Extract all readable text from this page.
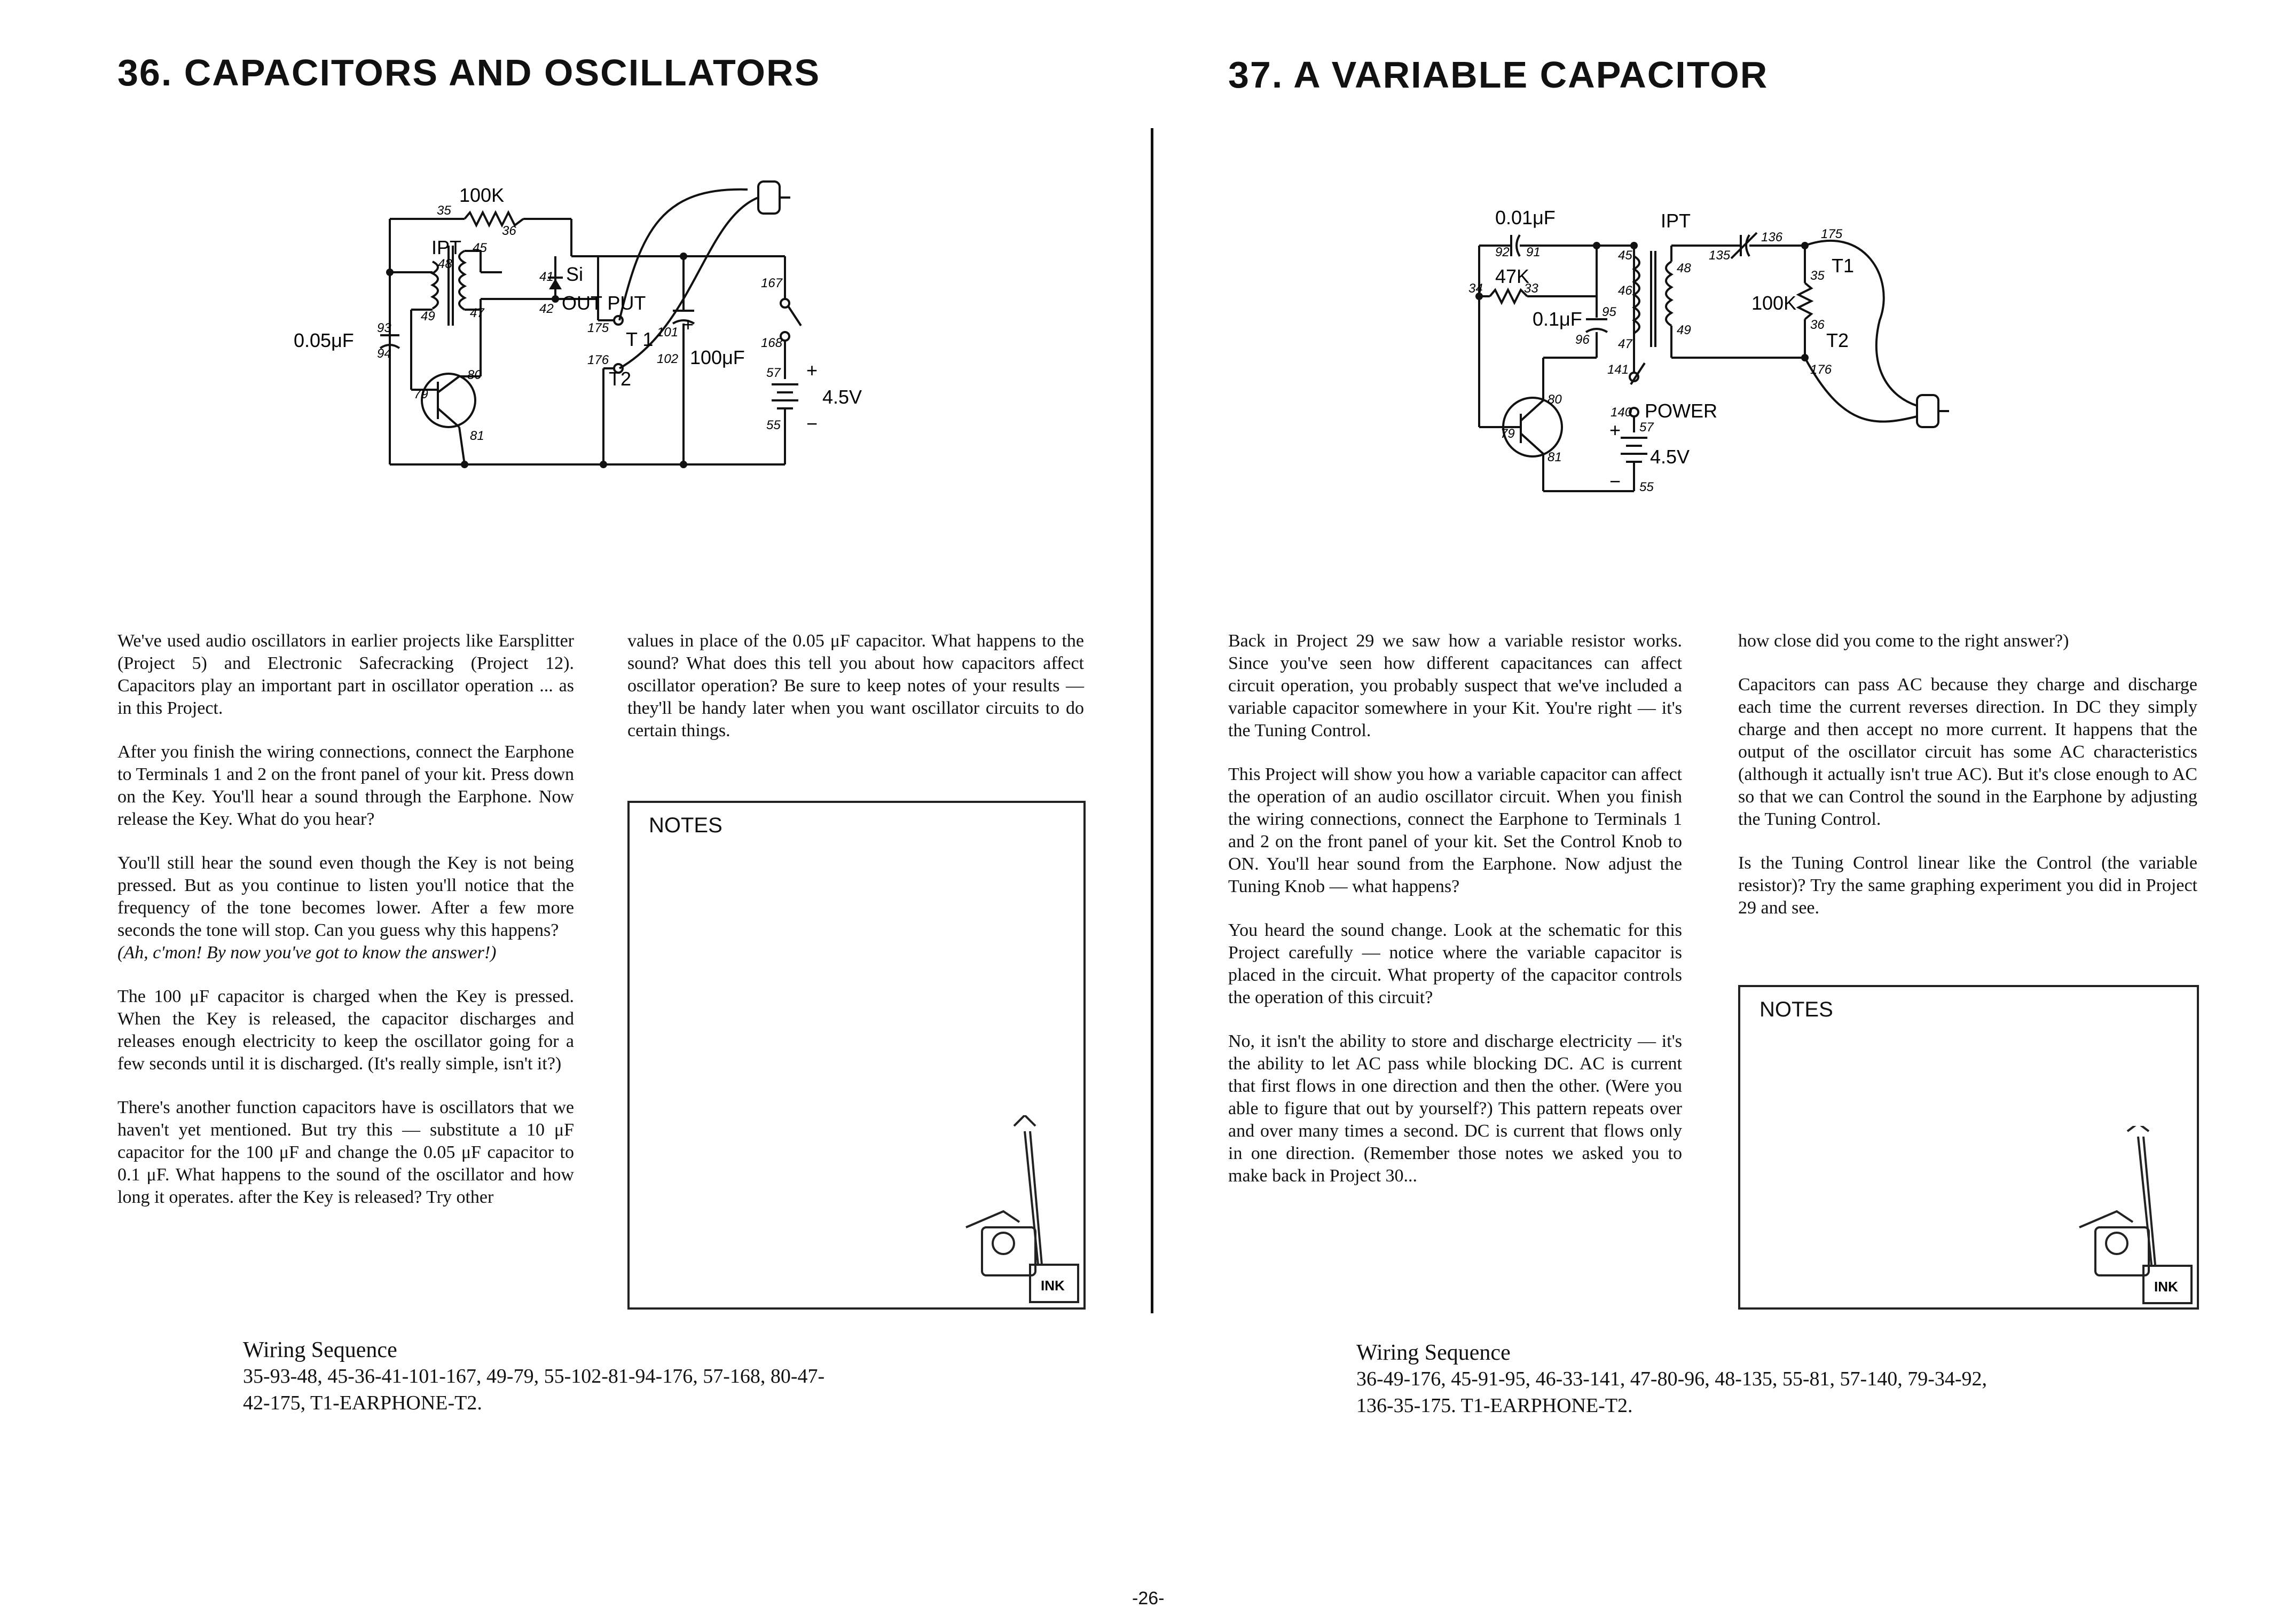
36. CAPACITORS AND OSCILLATORS
100K
35
36
IPT
48
45
41
42
Si
OUT PUT
49	47
0.05μF
93
94
175
T 1
176
T2
101 +
102 100μF
167
168
57
55
+
−
4.5V
80
79
81

We've used audio oscillators in earlier projects like Earsplitter (Project 5) and Electronic Safecracking (Project 12). Capacitors play an important part in oscillator operation ... as in this Project.

After you finish the wiring connections, connect the Earphone to Terminals 1 and 2 on the front panel of your kit. Press down on the Key. You'll hear a sound through the Earphone. Now release the Key. What do you hear?

You'll still hear the sound even though the Key is not being pressed. But as you continue to listen you'll notice that the frequency of the tone becomes lower. After a few more seconds the tone will stop. Can you guess why this happens?

(Ah, c'mon! By now you've got to know the answer!)

The 100 μF capacitor is charged when the Key is pressed. When the Key is released, the capacitor discharges and releases enough electricity to keep the oscillator going for a few seconds until it is discharged. (It's really simple, isn't it?)

There's another function capacitors have is oscillators that we haven't yet mentioned. But try this — substitute a 10 μF capacitor for the 100 μF and change the 0.05 μF capacitor to 0.1 μF. What happens to the sound of the oscillator and how long it operates. after the Key is released? Try other

values in place of the 0.05 μF capacitor. What happens to the sound? What does this tell you about how capacitors affect oscillator operation? Be sure to keep notes of your results — they'll be handy later when you want oscillator circuits to do certain things.

NOTES
INK
Wiring Sequence
35-93-48, 45-36-41-101-167, 49-79, 55-102-81-94-176, 57-168, 80-47-
42-175, T1-EARPHONE-T2.
37. A VARIABLE CAPACITOR
0.01μF
92 91
IPT
47K
34	33
0.1μF 95
96
45
46
47
48
49
135
136	175
T1
35
100K
36
T2
176
141
140 POWER
+ 57
4.5V
− 55
80
79
81

Back in Project 29 we saw how a variable resistor works. Since you've seen how different capacitances can affect circuit operation, you probably suspect that we've included a variable capacitor somewhere in your Kit. You're right — it's the Tuning Control.

This Project will show you how a variable capacitor can affect the operation of an audio oscillator circuit. When you finish the wiring connections, connect the Earphone to Terminals 1 and 2 on the front panel of your kit. Set the Control Knob to ON. You'll hear sound from the Earphone. Now adjust the Tuning Knob — what happens?

You heard the sound change. Look at the schematic for this Project carefully — notice where the variable capacitor is placed in the circuit. What property of the capacitor controls the operation of this circuit?

No, it isn't the ability to store and discharge electricity — it's the ability to let AC pass while blocking DC. AC is current that first flows in one direction and then the other. (Were you able to figure that out by yourself?) This pattern repeats over and over many times a second. DC is current that flows only in one direction. (Remember those notes we asked you to make back in Project 30...

how close did you come to the right answer?)

Capacitors can pass AC because they charge and discharge each time the current reverses direction. In DC they simply charge and then accept no more current. It happens that the output of the oscillator circuit has some AC characteristics (although it actually isn't true AC). But it's close enough to AC so that we can Control the sound in the Earphone by adjusting the Tuning Control.

Is the Tuning Control linear like the Control (the variable resistor)? Try the same graphing experiment you did in Project 29 and see.

NOTES
INK
Wiring Sequence
36-49-176, 45-91-95, 46-33-141, 47-80-96, 48-135, 55-81, 57-140, 79-34-92,
136-35-175. T1-EARPHONE-T2.
-26-
